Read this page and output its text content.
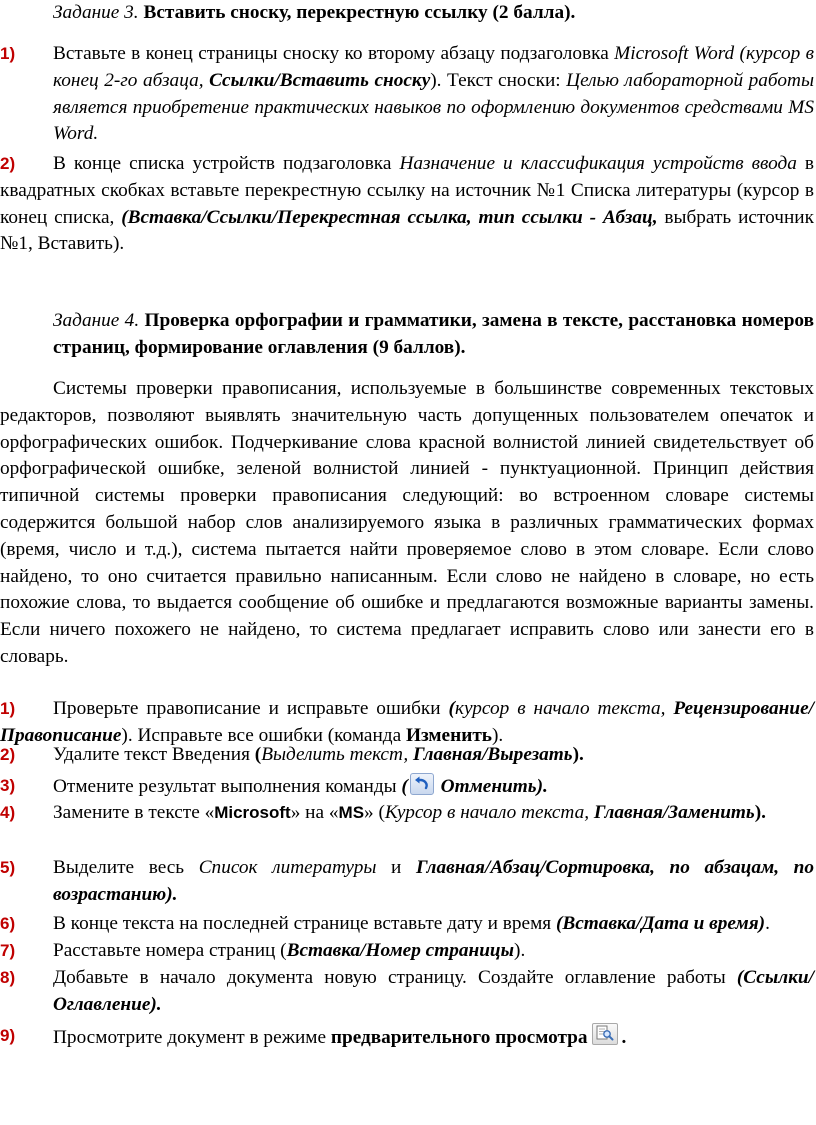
Задание 3. Вставить сноску, перекрестную ссылку (2 балла).
1)	Вставьте в конец страницы сноску ко второму абзацу подзаголовка Microsoft Word (курсор в конец 2-го абзаца, Ссылки/Вставить сноску). Текст сноски: Целью лабораторной работы является приобретение практических навыков по оформлению документов средствами MS Word.
2)	В конце списка устройств подзаголовка Назначение и классификация устройств ввода в квадратных скобках вставьте перекрестную ссылку на источник №1 Списка литературы (курсор в конец списка, (Вставка/Ссылки/Перекрестная ссылка, тип ссылки - Абзац, выбрать источник №1, Вставить).
Задание 4. Проверка орфографии и грамматики, замена в тексте, расстановка номеров страниц, формирование оглавления (9 баллов).
Системы проверки правописания, используемые в большинстве современных текстовых редакторов, позволяют выявлять значительную часть допущенных пользователем опечаток и орфографических ошибок. Подчеркивание слова красной волнистой линией свидетельствует об орфографической ошибке, зеленой волнистой линией - пунктуационной. Принцип действия типичной системы проверки правописания следующий: во встроенном словаре системы содержится большой набор слов анализируемого языка в различных грамматических формах (время, число и т.д.), система пытается найти проверяемое слово в этом словаре. Если слово найдено, то оно считается правильно написанным. Если слово не найдено в словаре, но есть похожие слова, то выдается сообщение об ошибке и предлагаются возможные варианты замены. Если ничего похожего не найдено, то система предлагает исправить слово или занести его в словарь.
1)	Проверьте правописание и исправьте ошибки (курсор в начало текста, Рецензирование/Правописание). Исправьте все ошибки (команда Изменить).
2)	Удалите текст Введения (Выделить текст, Главная/Вырезать).
3)	Отмените результат выполнения команды (
Отменить).
4)	Замените в тексте «Microsoft» на «MS» (Курсор в начало текста, Главная/Заменить).
5)	Выделите весь Список литературы и Главная/Абзац/Сортировка, по абзацам, по возрастанию).
6)	В конце текста на последней странице вставьте дату и время (Вставка/Дата и время).
7)	Расставьте номера страниц (Вставка/Номер страницы).
8)	Добавьте в начало документа новую страницу. Создайте оглавление работы (Ссылки/Оглавление).
9)	Просмотрите документ в режиме предварительного просмотра .
